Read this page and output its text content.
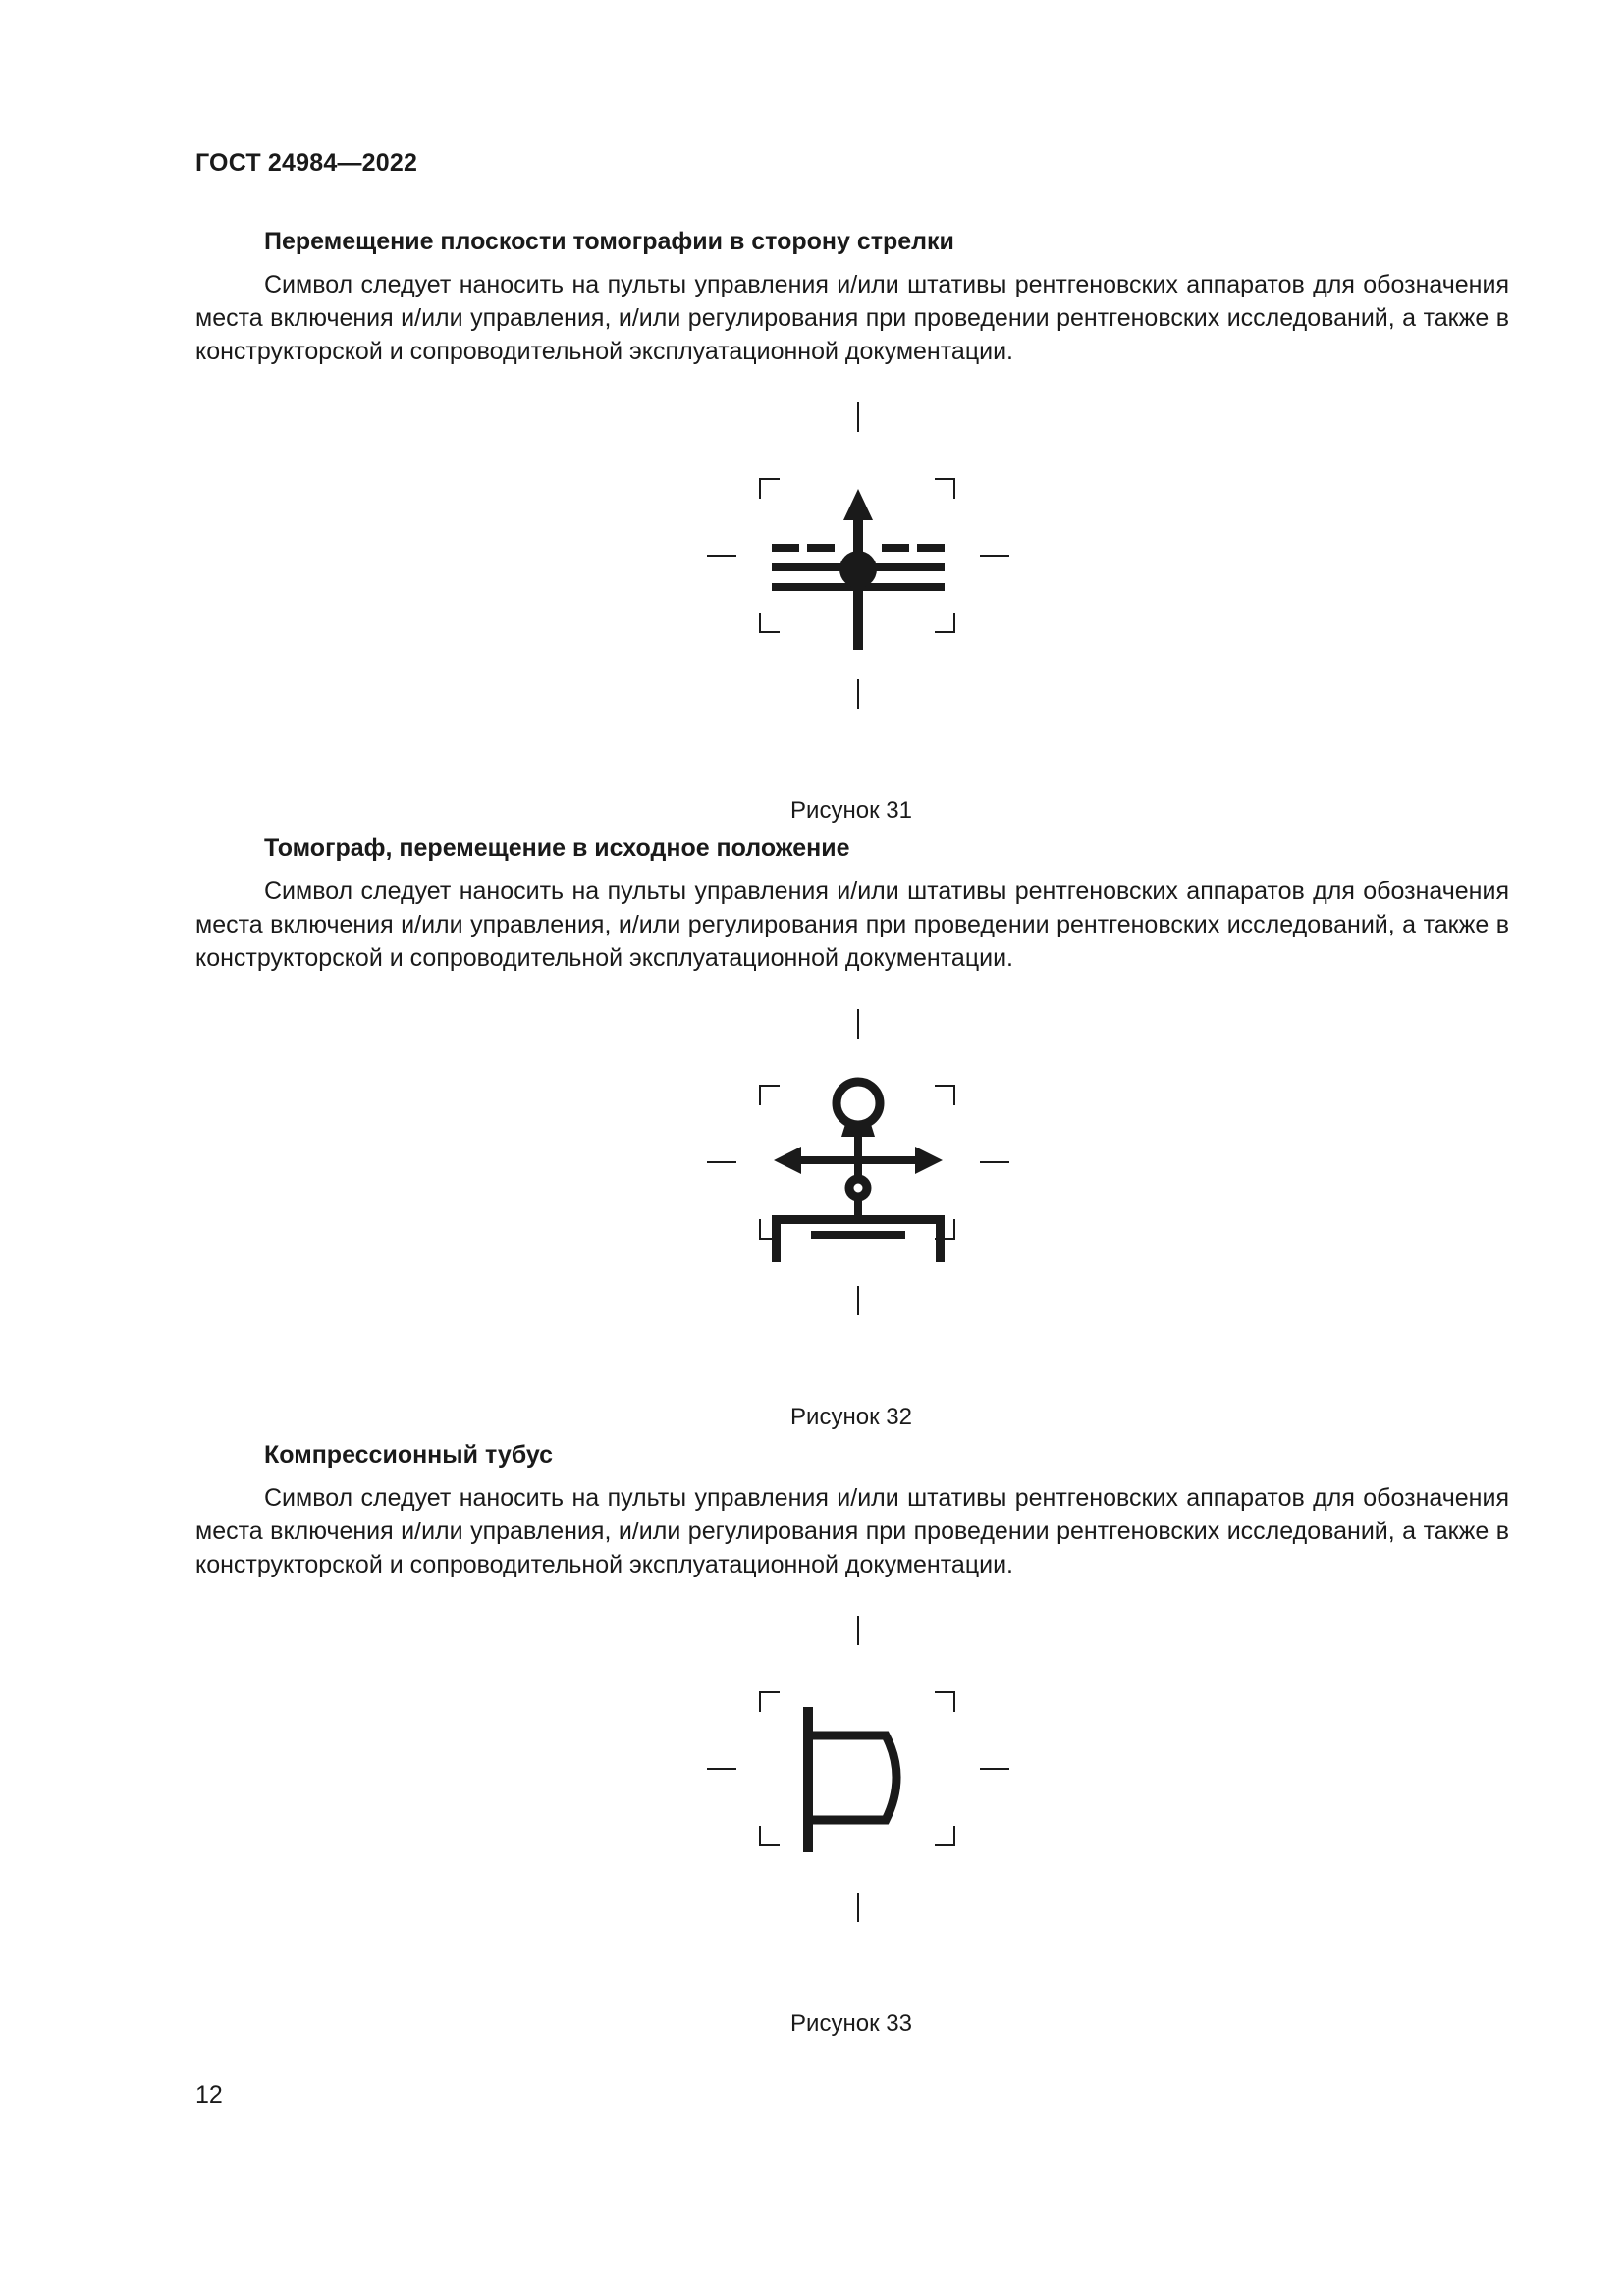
ГОСТ 24984—2022
Перемещение плоскости томографии в сторону стрелки
Символ следует наносить на пульты управления и/или штативы рентгеновских аппаратов для обозначения места включения и/или управления, и/или регулирования при проведении рентгеновских исследований, а также в конструкторской и сопроводительной эксплуатационной документации.
Рисунок 31
Томограф, перемещение в исходное положение
Символ следует наносить на пульты управления и/или штативы рентгеновских аппаратов для обозначения места включения и/или управления, и/или регулирования при проведении рентгеновских исследований, а также в конструкторской и сопроводительной эксплуатационной документации.
Рисунок 32
Компрессионный тубус
Символ следует наносить на пульты управления и/или штативы рентгеновских аппаратов для обозначения места включения и/или управления, и/или регулирования при проведении рентгеновских исследований, а также в конструкторской и сопроводительной эксплуатационной документации.
Рисунок 33
12
